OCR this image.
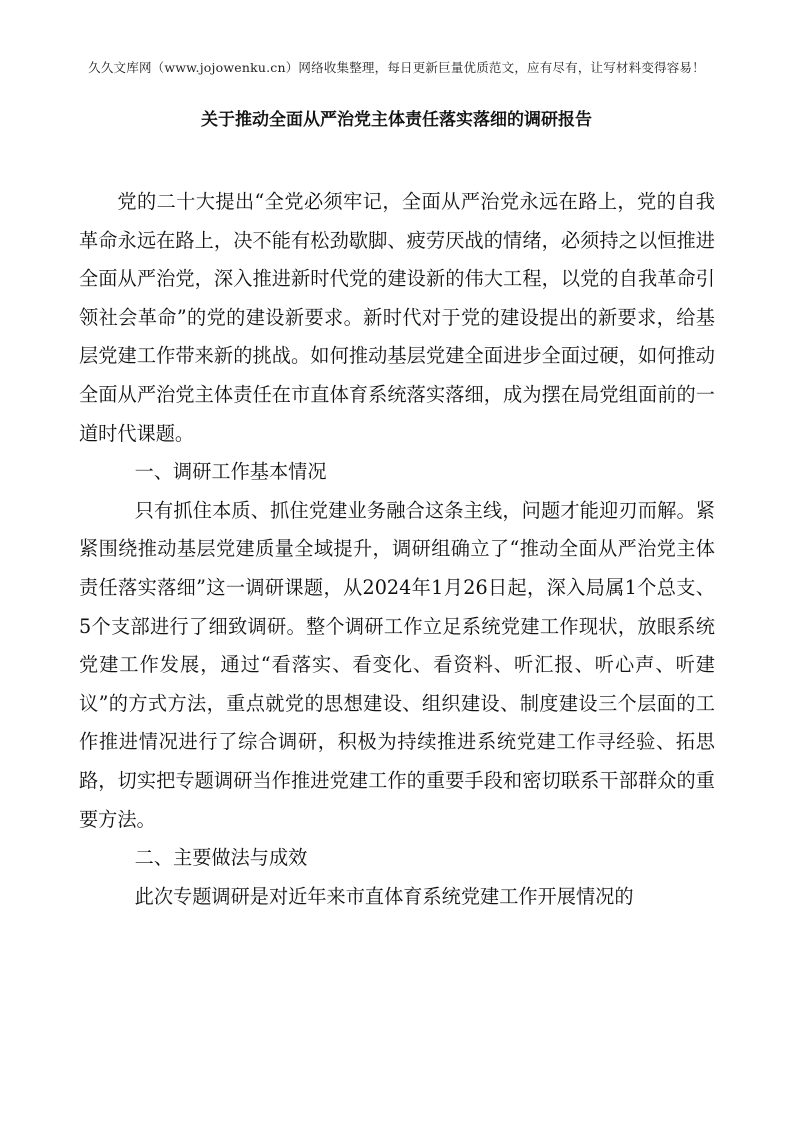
久久文库网（www.jojowenku.cn）网络收集整理，每日更新巨量优质范文，应有尽有，让写材料变得容易！
关于推动全面从严治党主体责任落实落细的调研报告

党的二十大提出“全党必须牢记，全面从严治党永远在路上，党的自我革命永远在路上，决不能有松劲歇脚、疲劳厌战的情绪，必须持之以恒推进全面从严治党，深入推进新时代党的建设新的伟大工程，以党的自我革命引领社会革命”的党的建设新要求。新时代对于党的建设提出的新要求，给基层党建工作带来新的挑战。如何推动基层党建全面进步全面过硬，如何推动全面从严治党主体责任在市直体育系统落实落细，成为摆在局党组面前的一道时代课题。

一、调研工作基本情况

只有抓住本质、抓住党建业务融合这条主线，问题才能迎刃而解。紧紧围绕推动基层党建质量全域提升，调研组确立了“推动全面从严治党主体责任落实落细”这一调研课题，从2024年1月26日起，深入局属1个总支、5个支部进行了细致调研。整个调研工作立足系统党建工作现状，放眼系统党建工作发展，通过“看落实、看变化、看资料、听汇报、听心声、听建议”的方式方法，重点就党的思想建设、组织建设、制度建设三个层面的工作推进情况进行了综合调研，积极为持续推进系统党建工作寻经验、拓思路，切实把专题调研当作推进党建工作的重要手段和密切联系干部群众的重要方法。

二、主要做法与成效

此次专题调研是对近年来市直体育系统党建工作开展情况的
